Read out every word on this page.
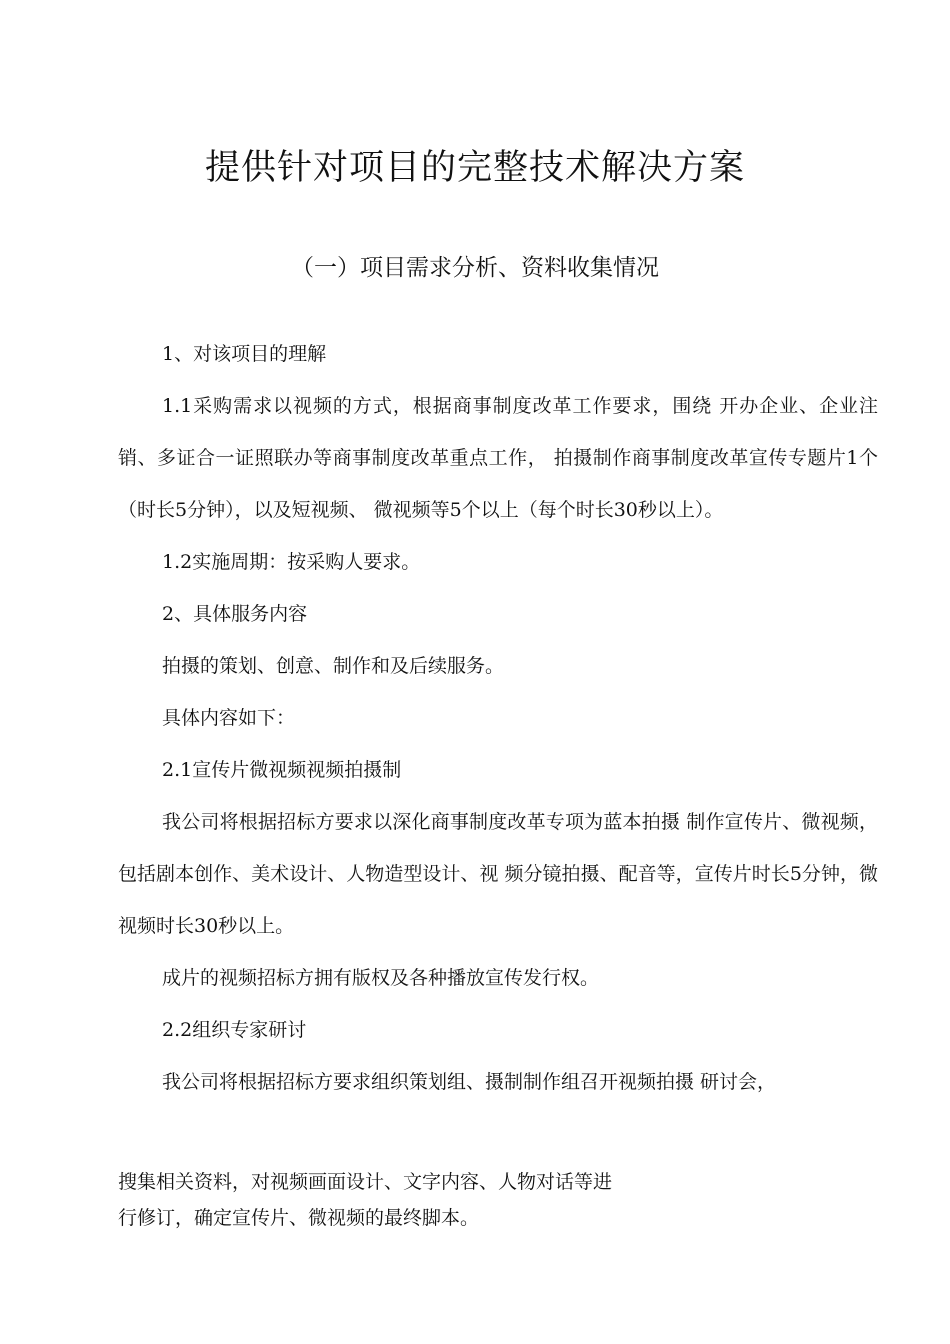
提供针对项目的完整技术解决方案
（一）项目需求分析、资料收集情况

1、对该项目的理解

1.1采购需求以视频的方式，根据商事制度改革工作要求，围绕 开办企业、企业注销、多证合一证照联办等商事制度改革重点工作， 拍摄制作商事制度改革宣传专题片1个（时长5分钟），以及短视频、 微视频等5个以上（每个时长30秒以上）。

1.2实施周期：按采购人要求。

2、具体服务内容

拍摄的策划、创意、制作和及后续服务。

具体内容如下：

2.1宣传片微视频视频拍摄制

我公司将根据招标方要求以深化商事制度改革专项为蓝本拍摄 制作宣传片、微视频，包括剧本创作、美术设计、人物造型设计、视 频分镜拍摄、配音等，宣传片时长5分钟，微视频时长30秒以上。

成片的视频招标方拥有版权及各种播放宣传发行权。

2.2组织专家研讨

我公司将根据招标方要求组织策划组、摄制制作组召开视频拍摄 研讨会，

搜集相关资料，对视频画面设计、文字内容、人物对话等进

行修订，确定宣传片、微视频的最终脚本。
